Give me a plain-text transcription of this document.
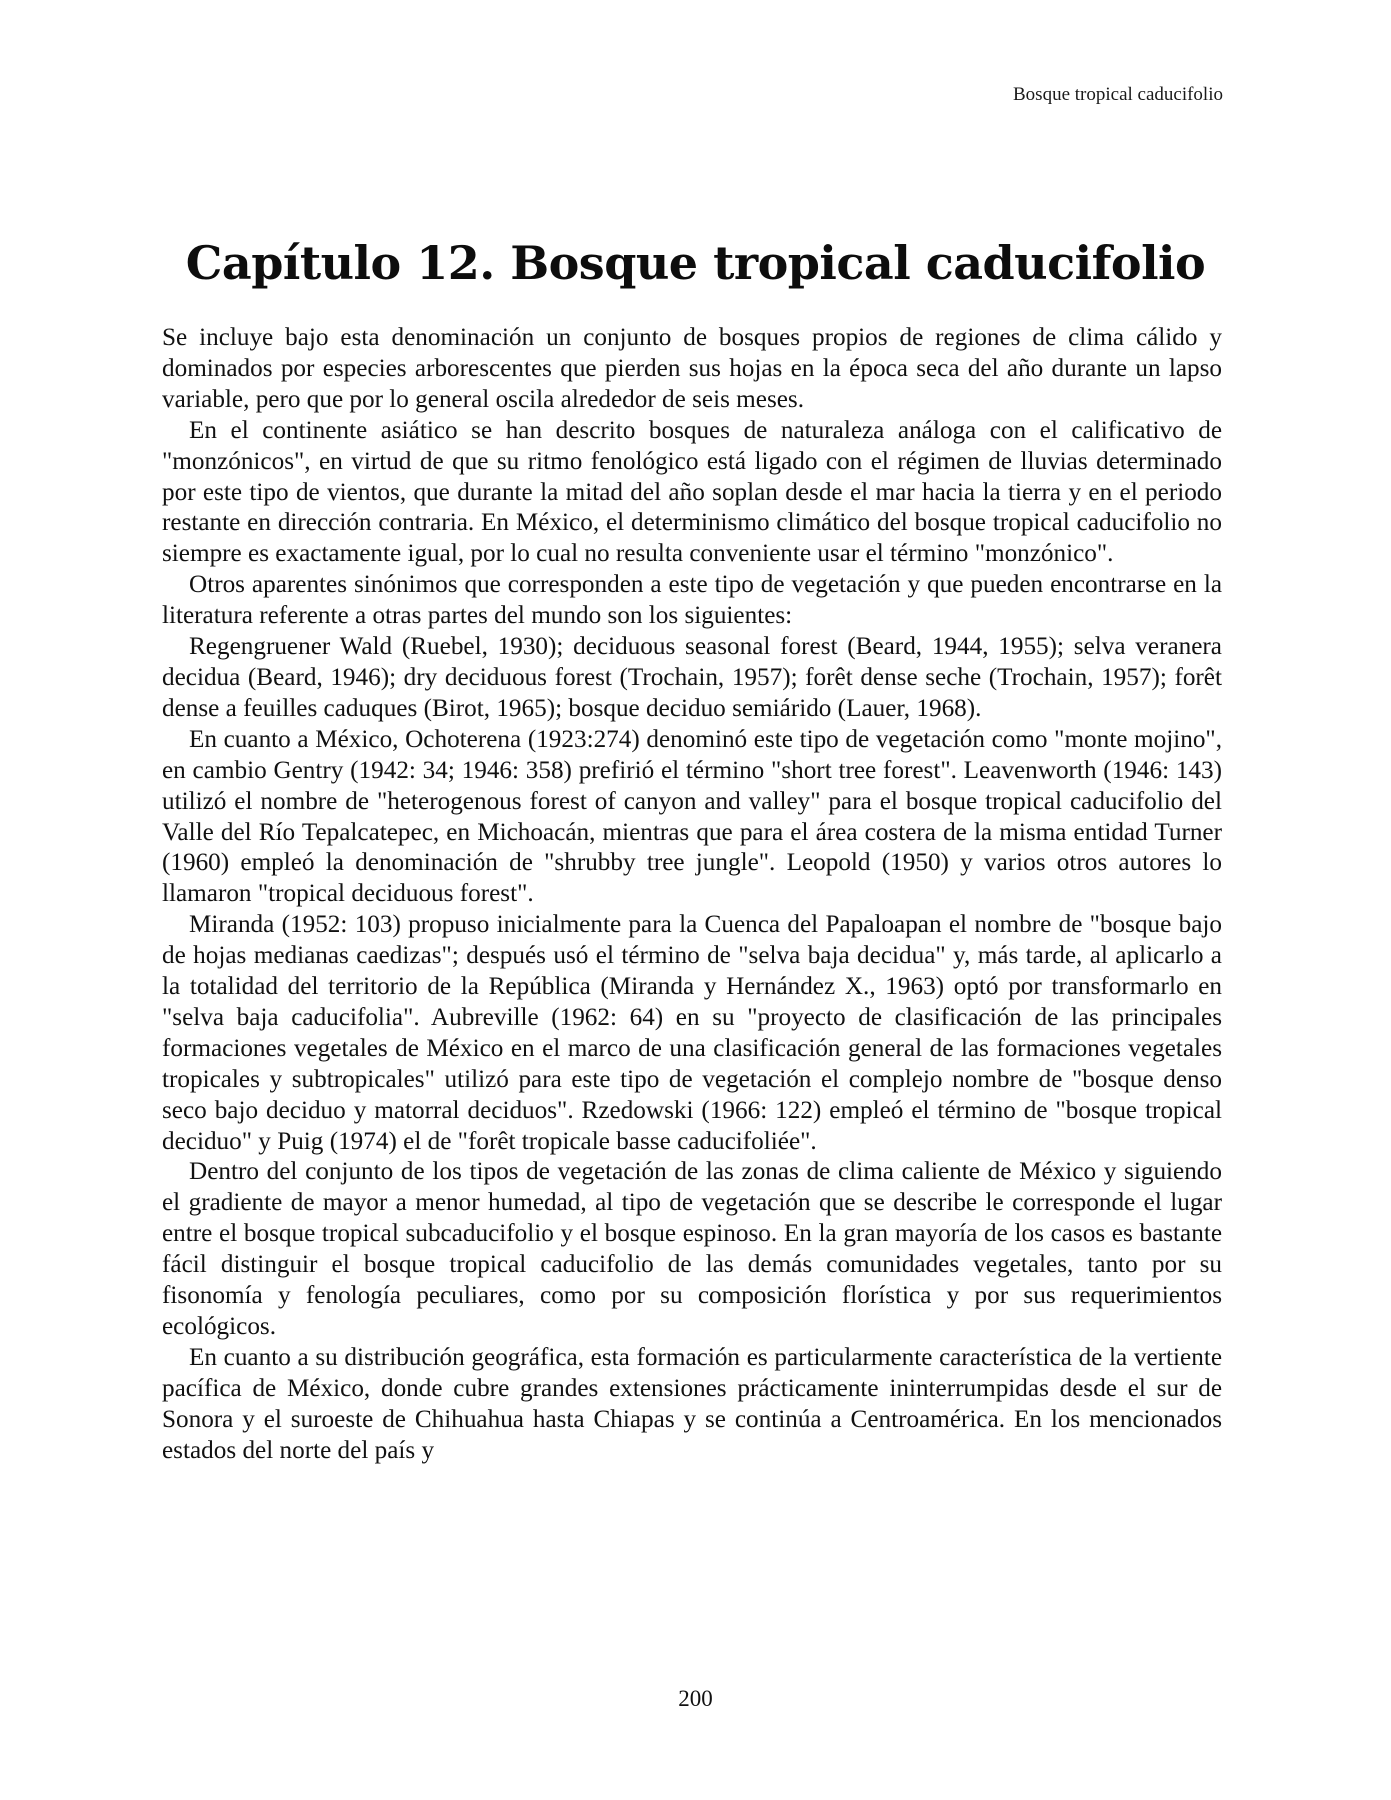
Bosque tropical caducifolio
Capítulo 12. Bosque tropical caducifolio

Se incluye bajo esta denominación un conjunto de bosques propios de regiones de clima cálido y dominados por especies arborescentes que pierden sus hojas en la época seca del año durante un lapso variable, pero que por lo general oscila alrededor de seis meses.

En el continente asiático se han descrito bosques de naturaleza análoga con el calificativo de "monzónicos", en virtud de que su ritmo fenológico está ligado con el régimen de lluvias determinado por este tipo de vientos, que durante la mitad del año soplan desde el mar hacia la tierra y en el periodo restante en dirección contraria. En México, el determinismo climático del bosque tropical caducifolio no siempre es exactamente igual, por lo cual no resulta conveniente usar el término "monzónico".

Otros aparentes sinónimos que corresponden a este tipo de vegetación y que pueden encontrarse en la literatura referente a otras partes del mundo son los siguientes:

Regengruener Wald (Ruebel, 1930); deciduous seasonal forest (Beard, 1944, 1955); selva veranera decidua (Beard, 1946); dry deciduous forest (Trochain, 1957); forêt dense seche (Trochain, 1957); forêt dense a feuilles caduques (Birot, 1965); bosque deciduo semiárido (Lauer, 1968).

En cuanto a México, Ochoterena (1923:274) denominó este tipo de vegetación como "monte mojino", en cambio Gentry (1942: 34; 1946: 358) prefirió el término "short tree forest". Leavenworth (1946: 143) utilizó el nombre de "heterogenous forest of canyon and valley" para el bosque tropical caducifolio del Valle del Río Tepalcatepec, en Michoacán, mientras que para el área costera de la misma entidad Turner (1960) empleó la denominación de "shrubby tree jungle". Leopold (1950) y varios otros autores lo llamaron "tropical deciduous forest".

Miranda (1952: 103) propuso inicialmente para la Cuenca del Papaloapan el nombre de "bosque bajo de hojas medianas caedizas"; después usó el término de "selva baja decidua" y, más tarde, al aplicarlo a la totalidad del territorio de la República (Miranda y Hernández X., 1963) optó por transformarlo en "selva baja caducifolia". Aubreville (1962: 64) en su "proyecto de clasificación de las principales formaciones vegetales de México en el marco de una clasificación general de las formaciones vegetales tropicales y subtropicales" utilizó para este tipo de vegetación el complejo nombre de "bosque denso seco bajo deciduo y matorral deciduos". Rzedowski (1966: 122) empleó el término de "bosque tropical deciduo" y Puig (1974) el de "forêt tropicale basse caducifoliée".

Dentro del conjunto de los tipos de vegetación de las zonas de clima caliente de México y siguiendo el gradiente de mayor a menor humedad, al tipo de vegetación que se describe le corresponde el lugar entre el bosque tropical subcaducifolio y el bosque espinoso. En la gran mayoría de los casos es bastante fácil distinguir el bosque tropical caducifolio de las demás comunidades vegetales, tanto por su fisonomía y fenología peculiares, como por su composición florística y por sus requerimientos ecológicos.

En cuanto a su distribución geográfica, esta formación es particularmente característica de la vertiente pacífica de México, donde cubre grandes extensiones prácticamente ininterrumpidas desde el sur de Sonora y el suroeste de Chihuahua hasta Chiapas y se continúa a Centroamérica. En los mencionados estados del norte del país y

200
